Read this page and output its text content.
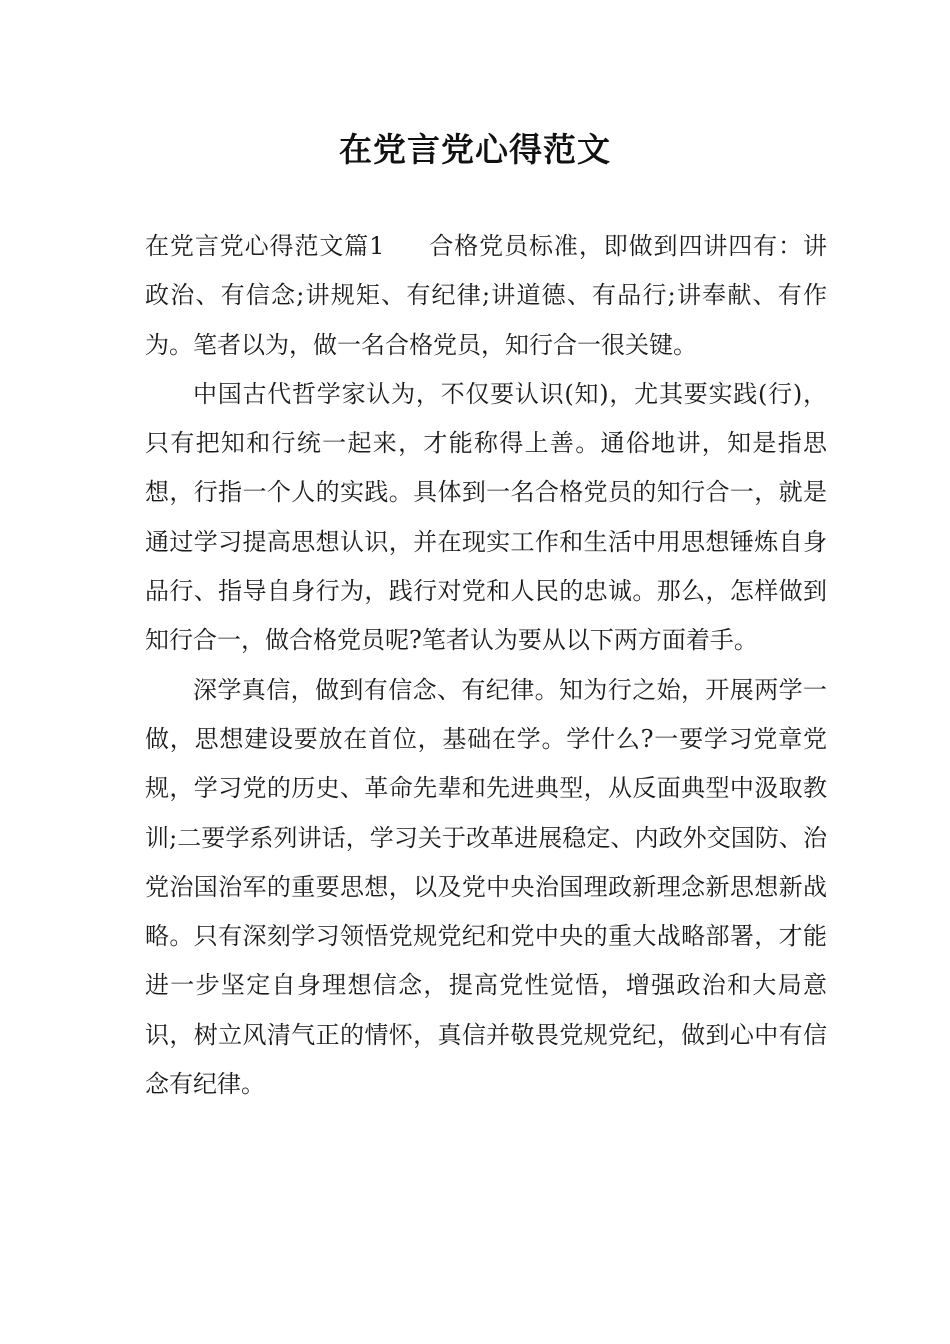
在党言党心得范文

在党言党心得范文篇1 合格党员标准，即做到四讲四有：讲政治、有信念;讲规矩、有纪律;讲道德、有品行;讲奉献、有作为。笔者以为，做一名合格党员，知行合一很关键。

中国古代哲学家认为，不仅要认识(知)，尤其要实践(行)，只有把知和行统一起来，才能称得上善。通俗地讲，知是指思想，行指一个人的实践。具体到一名合格党员的知行合一，就是通过学习提高思想认识，并在现实工作和生活中用思想锤炼自身品行、指导自身行为，践行对党和人民的忠诚。那么，怎样做到知行合一，做合格党员呢?笔者认为要从以下两方面着手。

深学真信，做到有信念、有纪律。知为行之始，开展两学一做，思想建设要放在首位，基础在学。学什么?一要学习党章党规，学习党的历史、革命先辈和先进典型，从反面典型中汲取教训;二要学系列讲话，学习关于改革进展稳定、内政外交国防、治党治国治军的重要思想，以及党中央治国理政新理念新思想新战略。只有深刻学习领悟党规党纪和党中央的重大战略部署，才能进一步坚定自身理想信念，提高党性觉悟，增强政治和大局意识，树立风清气正的情怀，真信并敬畏党规党纪，做到心中有信念有纪律。
